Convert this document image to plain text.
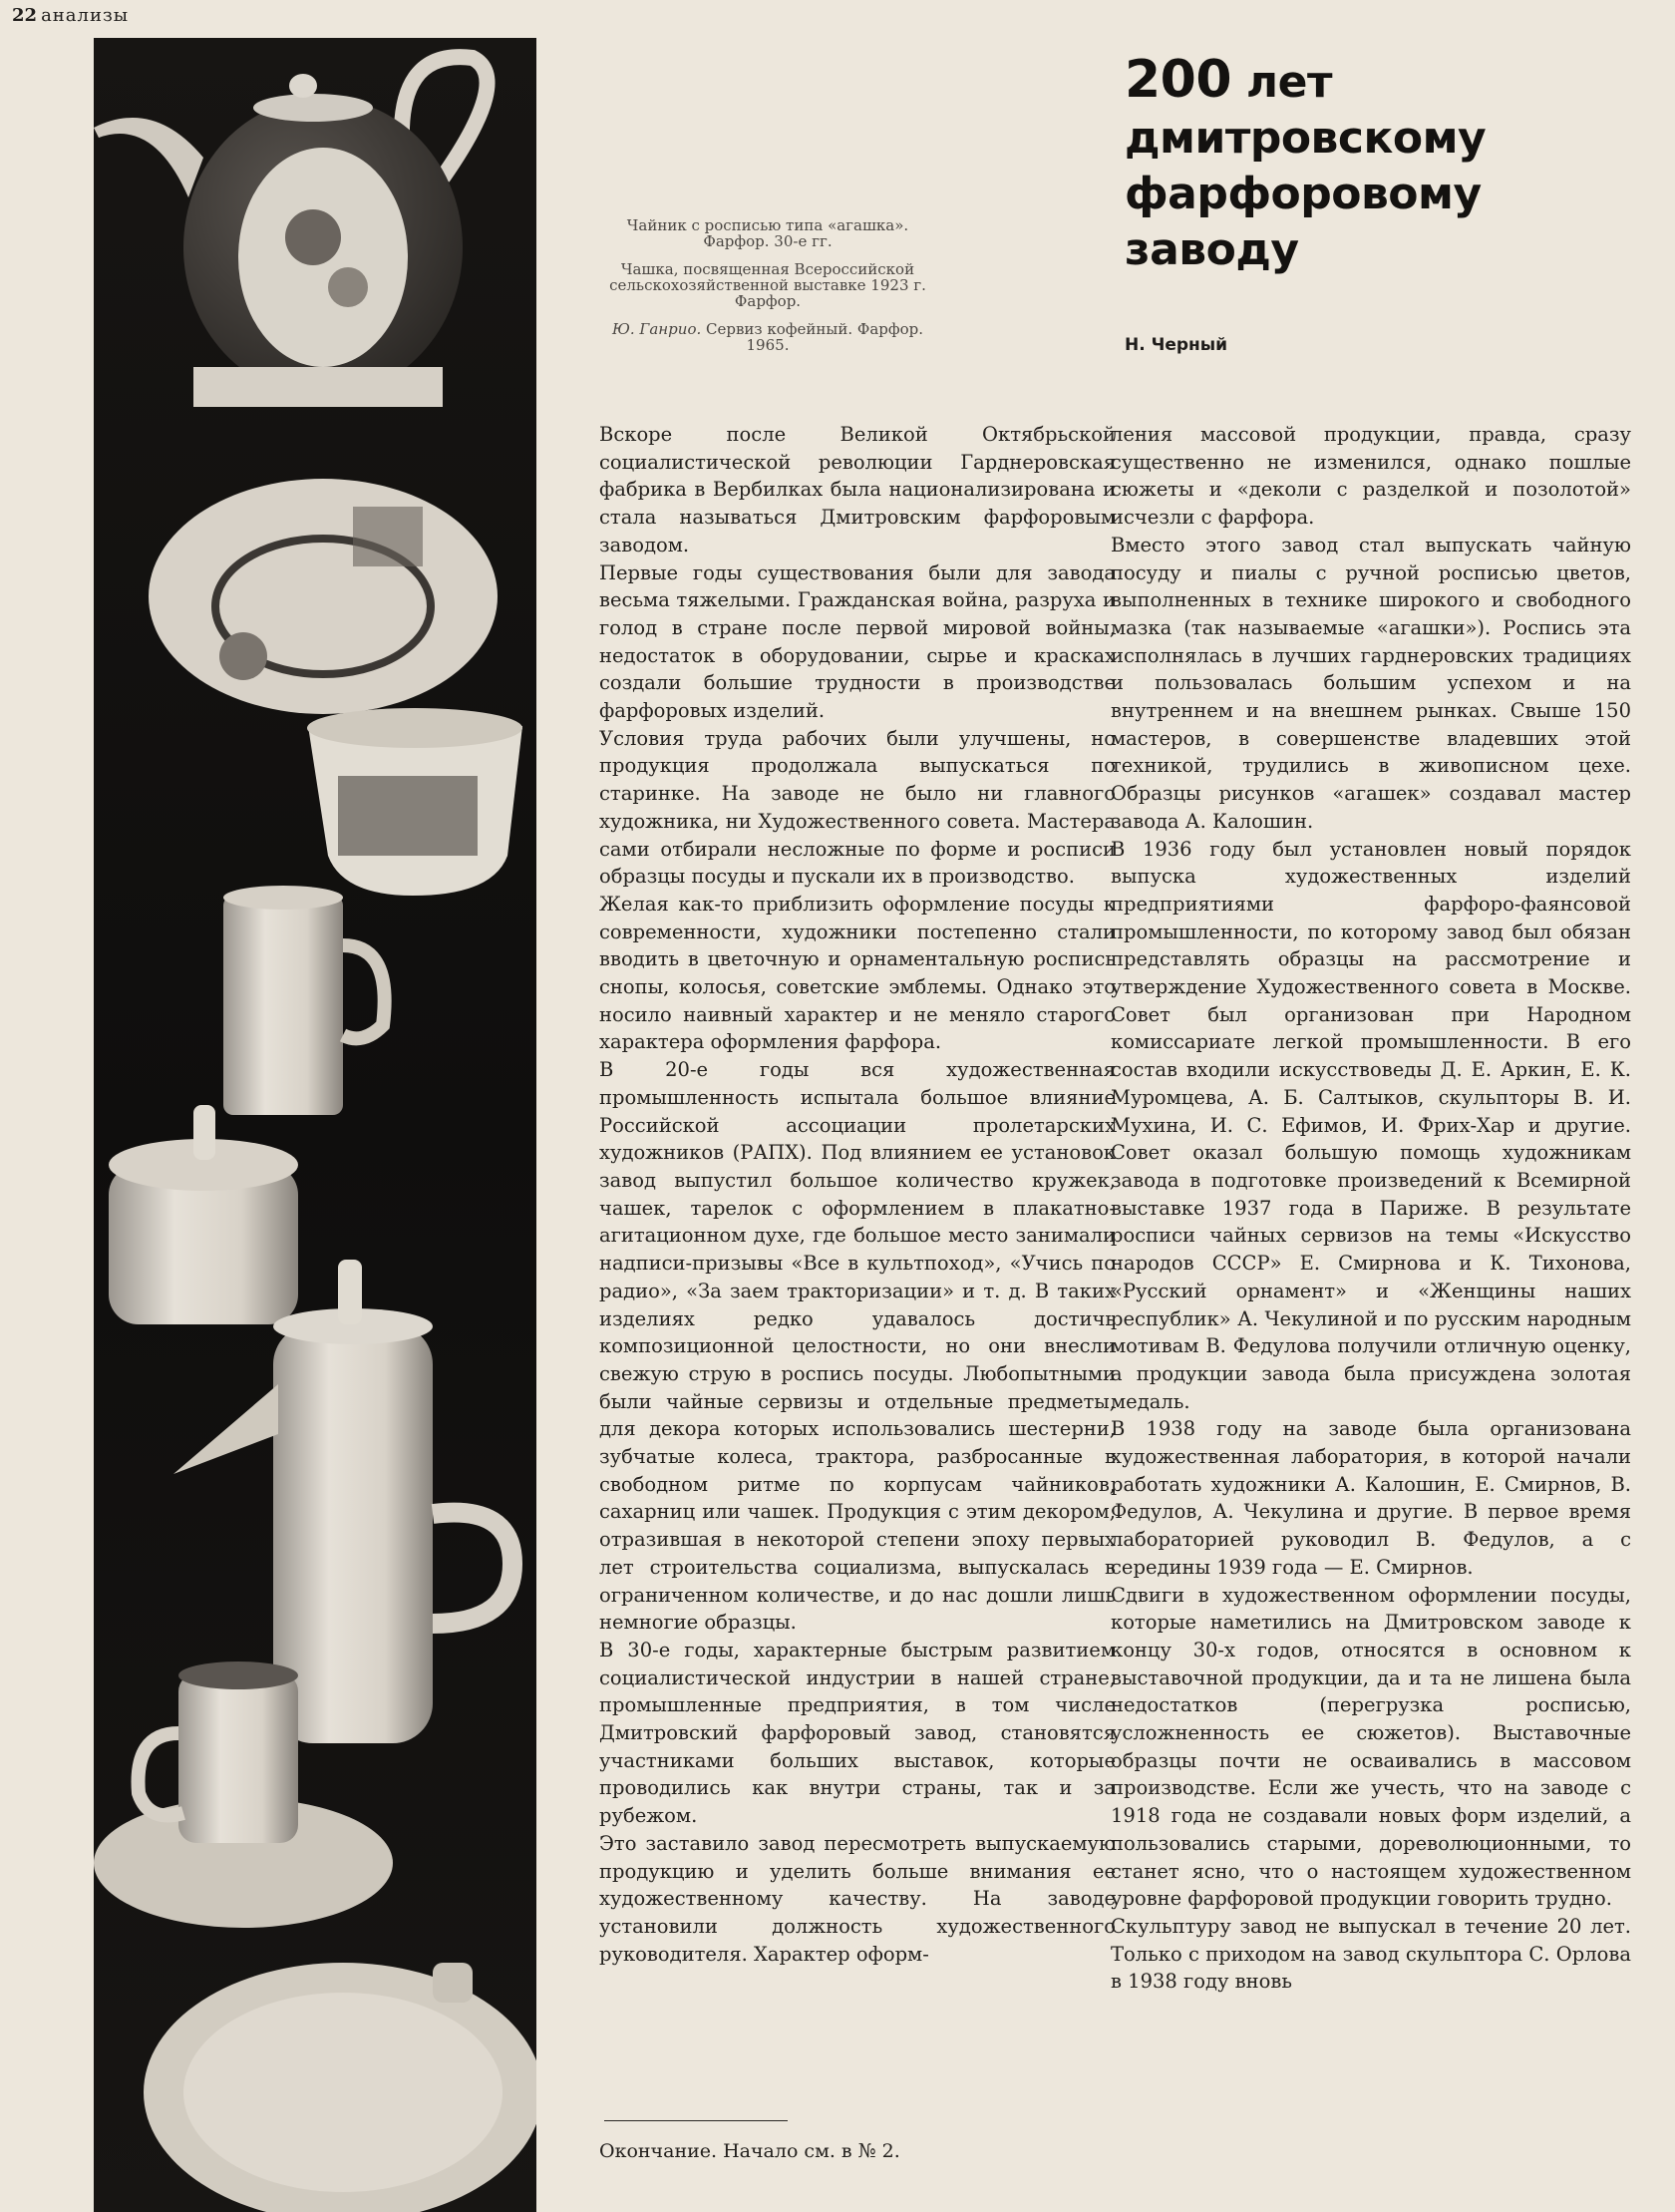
22 анализы

Чайник с росписью типа «агашка». Фарфор. 30-е гг.

Чашка, посвященная Всероссийской сельскохозяйственной выставке 1923 г. Фарфор.

Ю. Ганрио. Сервиз кофейный. Фарфор. 1965.

200 лет
дмитровскому
фарфоровому
заводу
Н. Черный

Вскоре после Великой Октябрьской социалистической революции Гарднеровская фабрика в Вербилках была национализирована и стала называться Дмитровским фарфоровым заводом.

Первые годы существования были для завода весьма тяжелыми. Гражданская война, разруха и голод в стране после первой мировой войны, недостаток в оборудовании, сырье и красках создали большие трудности в производстве фарфоровых изделий.

Условия труда рабочих были улучшены, но продукция продолжала выпускаться по старинке. На заводе не было ни главного художника, ни Художественного совета. Мастера сами отбирали несложные по форме и росписи образцы посуды и пускали их в производство.

Желая как-то приблизить оформление посуды к современности, художники постепенно стали вводить в цветочную и орнаментальную роспись снопы, колосья, советские эмблемы. Однако это носило наивный характер и не меняло старого характера оформления фарфора.

В 20-е годы вся художественная промышленность испытала большое влияние Российской ассоциации пролетарских художников (РАПХ). Под влиянием ее установок завод выпустил большое количество кружек, чашек, тарелок с оформлением в плакатно-агитационном духе, где большое место занимали надписи-призывы «Все в культпоход», «Учись по радио», «За заем тракторизации» и т. д. В таких изделиях редко удавалось достичь композиционной целостности, но они внесли свежую струю в роспись посуды. Любопытными были чайные сервизы и отдельные предметы, для декора которых использовались шестерни, зубчатые колеса, трактора, разбросанные в свободном ритме по корпусам чайников, сахарниц или чашек. Продукция с этим декором, отразившая в некоторой степени эпоху первых лет строительства социализма, выпускалась в ограниченном количестве, и до нас дошли лишь немногие образцы.

В 30-е годы, характерные быстрым развитием социалистической индустрии в нашей стране, промышленные предприятия, в том числе Дмитровский фарфоровый завод, становятся участниками больших выставок, которые проводились как внутри страны, так и за рубежом.

Это заставило завод пересмотреть выпускаемую продукцию и уделить больше внимания ее художественному качеству. На заводе установили должность художественного руководителя. Характер оформ-

ления массовой продукции, правда, сразу существенно не изменился, однако пошлые сюжеты и «деколи с разделкой и позолотой» исчезли с фарфора.

Вместо этого завод стал выпускать чайную посуду и пиалы с ручной росписью цветов, выполненных в технике широкого и свободного мазка (так называемые «агашки»). Роспись эта исполнялась в лучших гарднеровских традициях и пользовалась большим успехом и на внутреннем и на внешнем рынках. Свыше 150 мастеров, в совершенстве владевших этой техникой, трудились в живописном цехе. Образцы рисунков «агашек» создавал мастер завода А. Калошин.

В 1936 году был установлен новый порядок выпуска художественных изделий предприятиями фарфоро-фаянсовой промышленности, по которому завод был обязан представлять образцы на рассмотрение и утверждение Художественного совета в Москве. Совет был организован при Народном комиссариате легкой промышленности. В его состав входили искусствоведы Д. Е. Аркин, Е. К. Муромцева, А. Б. Салтыков, скульпторы В. И. Мухина, И. С. Ефимов, И. Фрих-Хар и другие. Совет оказал большую помощь художникам завода в подготовке произведений к Всемирной выставке 1937 года в Париже. В результате росписи чайных сервизов на темы «Искусство народов СССР» Е. Смирнова и К. Тихонова, «Русский орнамент» и «Женщины наших республик» А. Чекулиной и по русским народным мотивам В. Федулова получили отличную оценку, а продукции завода была присуждена золотая медаль.

В 1938 году на заводе была организована художественная лаборатория, в которой начали работать художники А. Калошин, Е. Смирнов, В. Федулов, А. Чекулина и другие. В первое время лабораторией руководил В. Федулов, а с середины 1939 года — Е. Смирнов.

Сдвиги в художественном оформлении посуды, которые наметились на Дмитровском заводе к концу 30-х годов, относятся в основном к выставочной продукции, да и та не лишена была недостатков (перегрузка росписью, усложненность ее сюжетов). Выставочные образцы почти не осваивались в массовом производстве. Если же учесть, что на заводе с 1918 года не создавали новых форм изделий, а пользовались старыми, дореволюционными, то станет ясно, что о настоящем художественном уровне фарфоровой продукции говорить трудно.

Скульптуру завод не выпускал в течение 20 лет. Только с приходом на завод скульптора С. Орлова в 1938 году вновь

Окончание. Начало см. в № 2.
